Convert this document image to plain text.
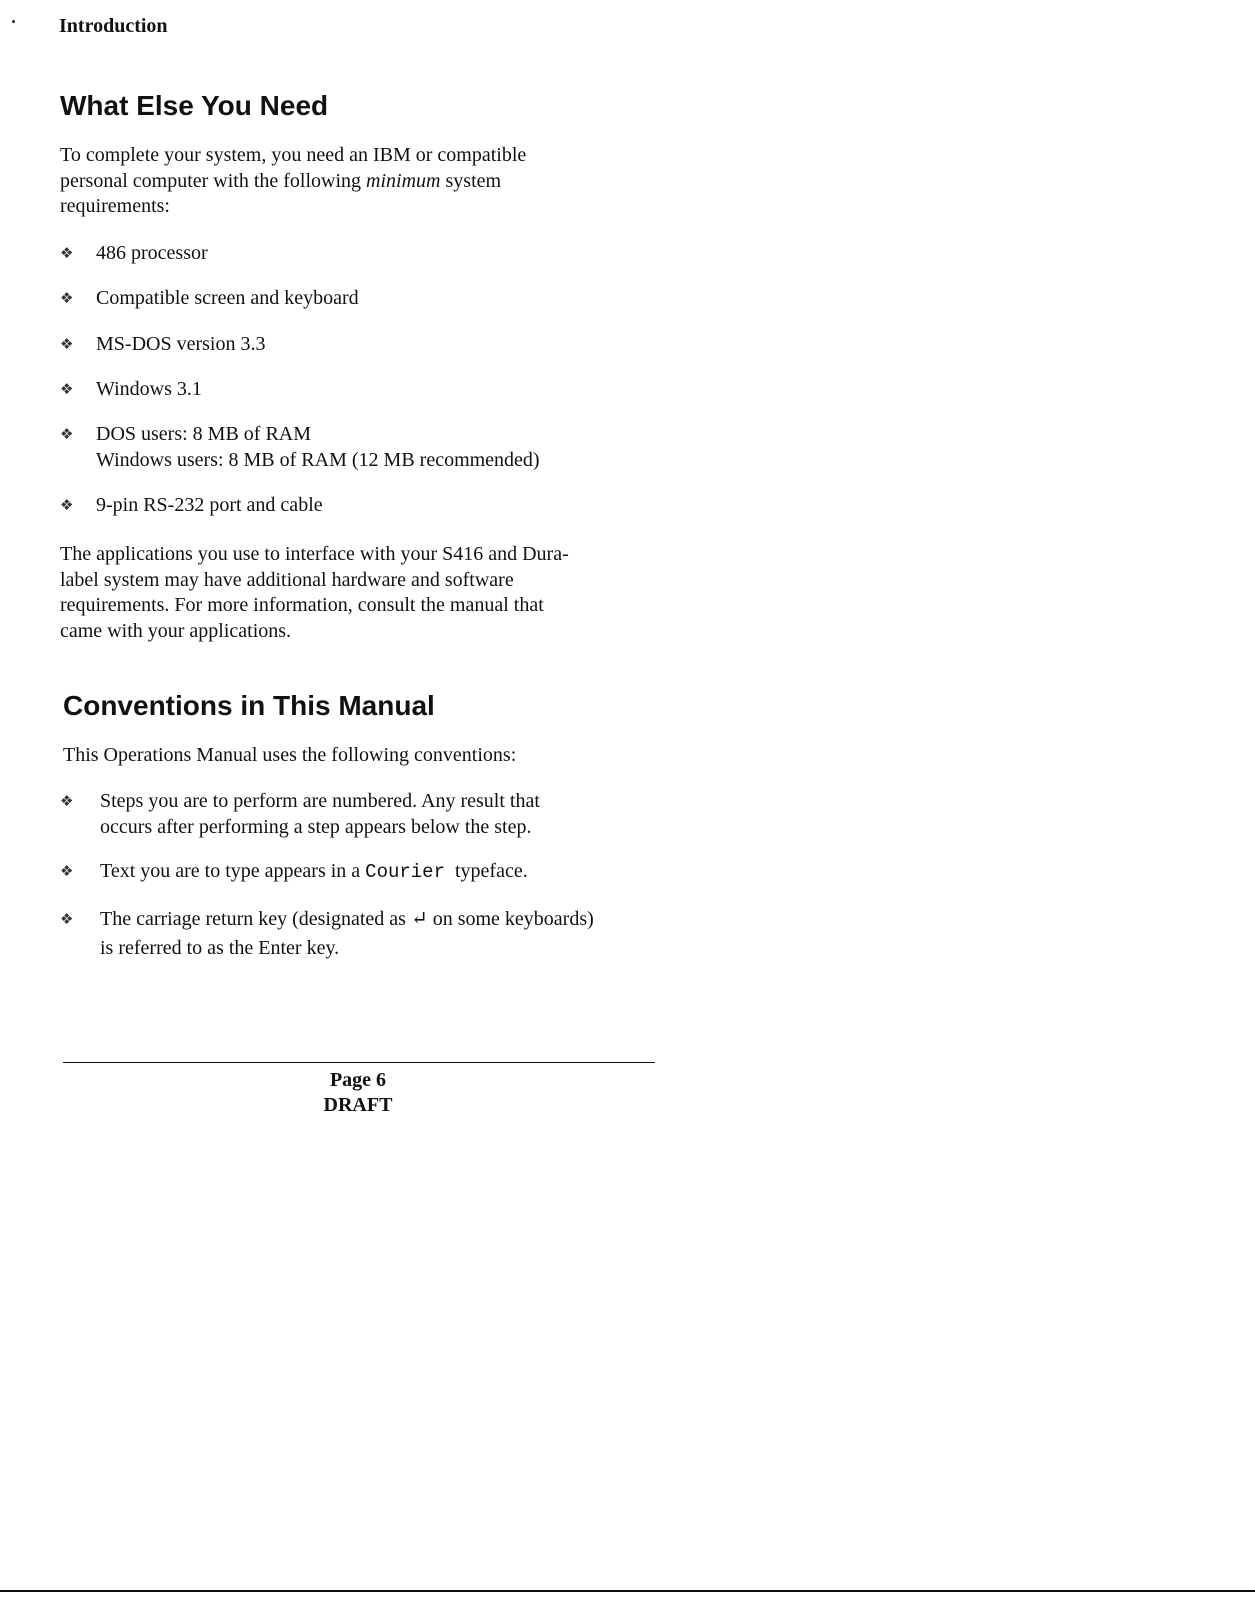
Introduction
What Else You Need
To complete your system, you need an IBM or compatible
personal computer with the following minimum system
requirements:
❖	486 processor
❖	Compatible screen and keyboard
❖	MS-DOS version 3.3
❖	Windows 3.1
❖	DOS users: 8 MB of RAM
Windows users: 8 MB of RAM (12 MB recommended)
❖	9-pin RS-232 port and cable
The applications you use to interface with your S416 and Dura-
label system may have additional hardware and software
requirements. For more information, consult the manual that
came with your applications.
Conventions in This Manual
This Operations Manual uses the following conventions:
❖	Steps you are to perform are numbered. Any result that
occurs after performing a step appears below the step.
❖	Text you are to type appears in a Courier  typeface.
❖	The carriage return key (designated as ↵ on some keyboards)
is referred to as the Enter key.
Page 6
DRAFT
